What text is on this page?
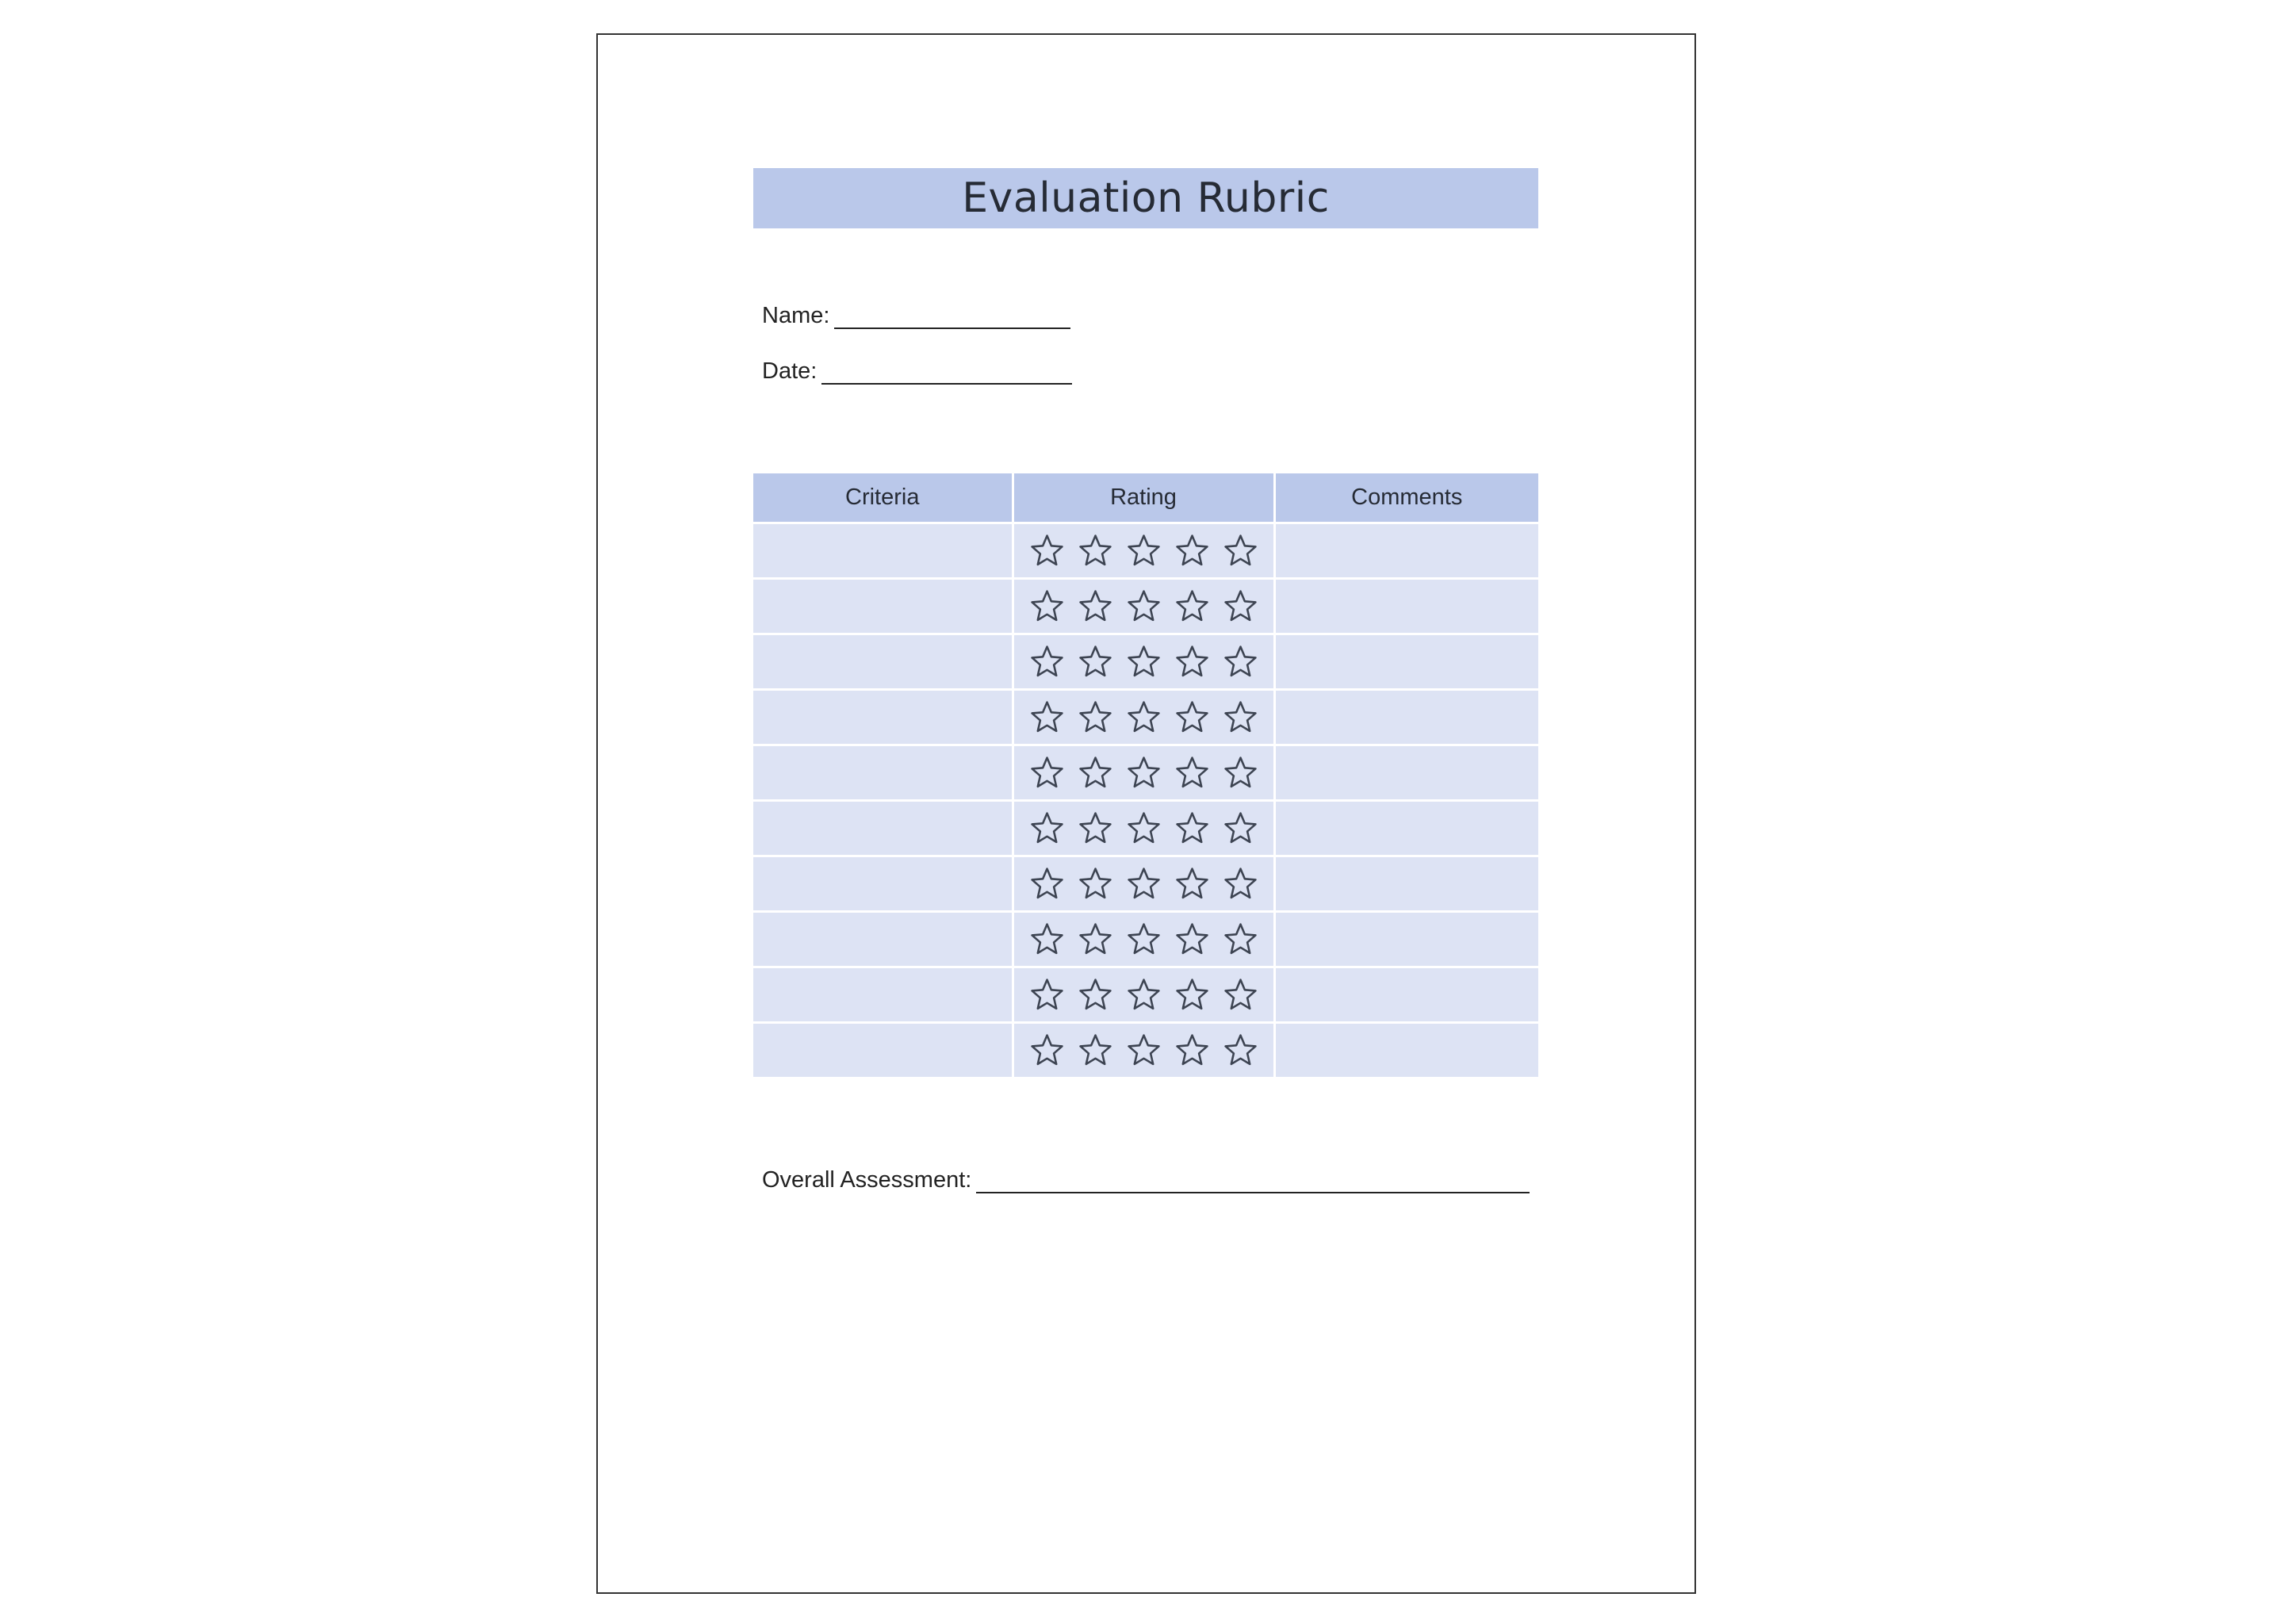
Evaluation Rubric
Name:
Date:
Criteria	Rating	Comments

Overall Assessment:
